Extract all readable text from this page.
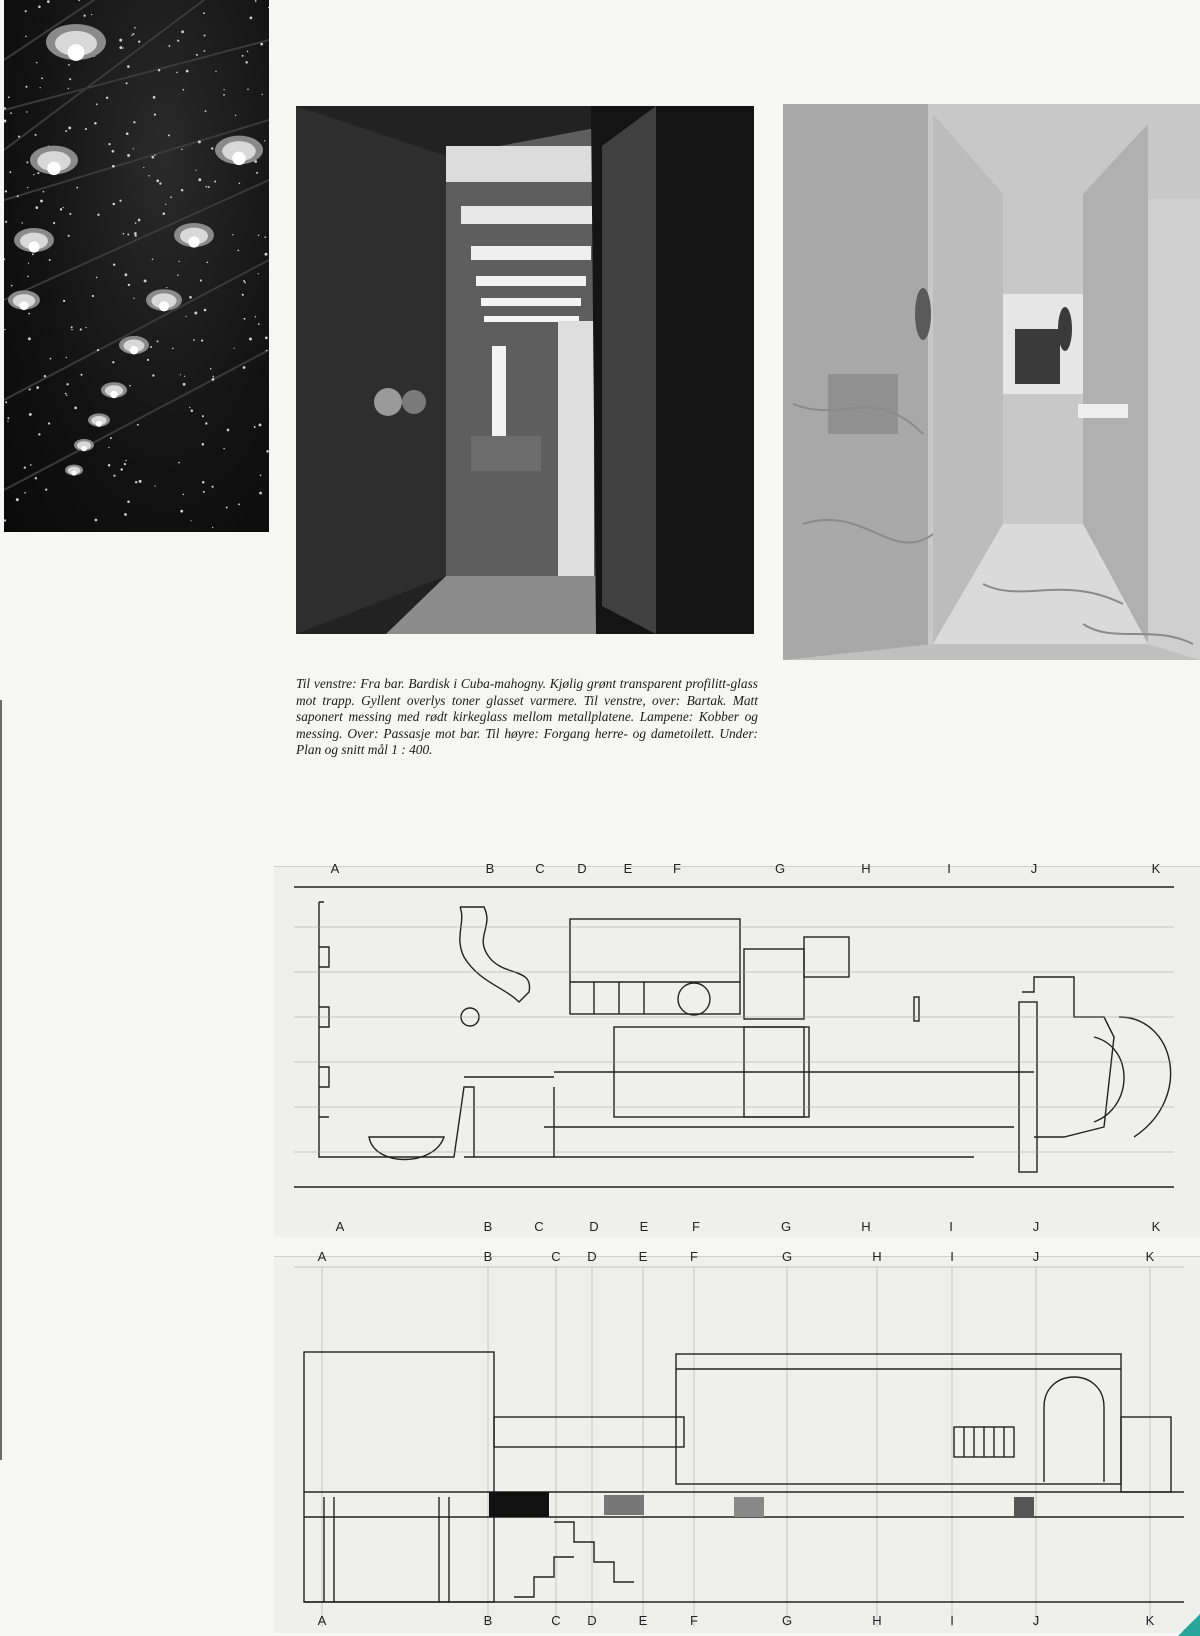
Til venstre: Fra bar. Bardisk i Cuba-mahogny. Kjølig grønt transparent profilitt-glass mot trapp. Gyllent overlys toner glasset varmere. Til venstre, over: Bartak. Matt saponert messing med rødt kirkeglass mellom metallplatene. Lampene: Kobber og messing. Over: Passasje mot bar. Til høyre: Forgang herre- og dametoilett. Under: Plan og snitt mål 1 : 400.

A	B	C	D	E	F	G	H	I	J	K
A	B	C	D	E	F	G	H	I	J	K
A	B	C D	E	F	G	H	I	J	K
A	B	C D	E	F	G	H	I	J	K
